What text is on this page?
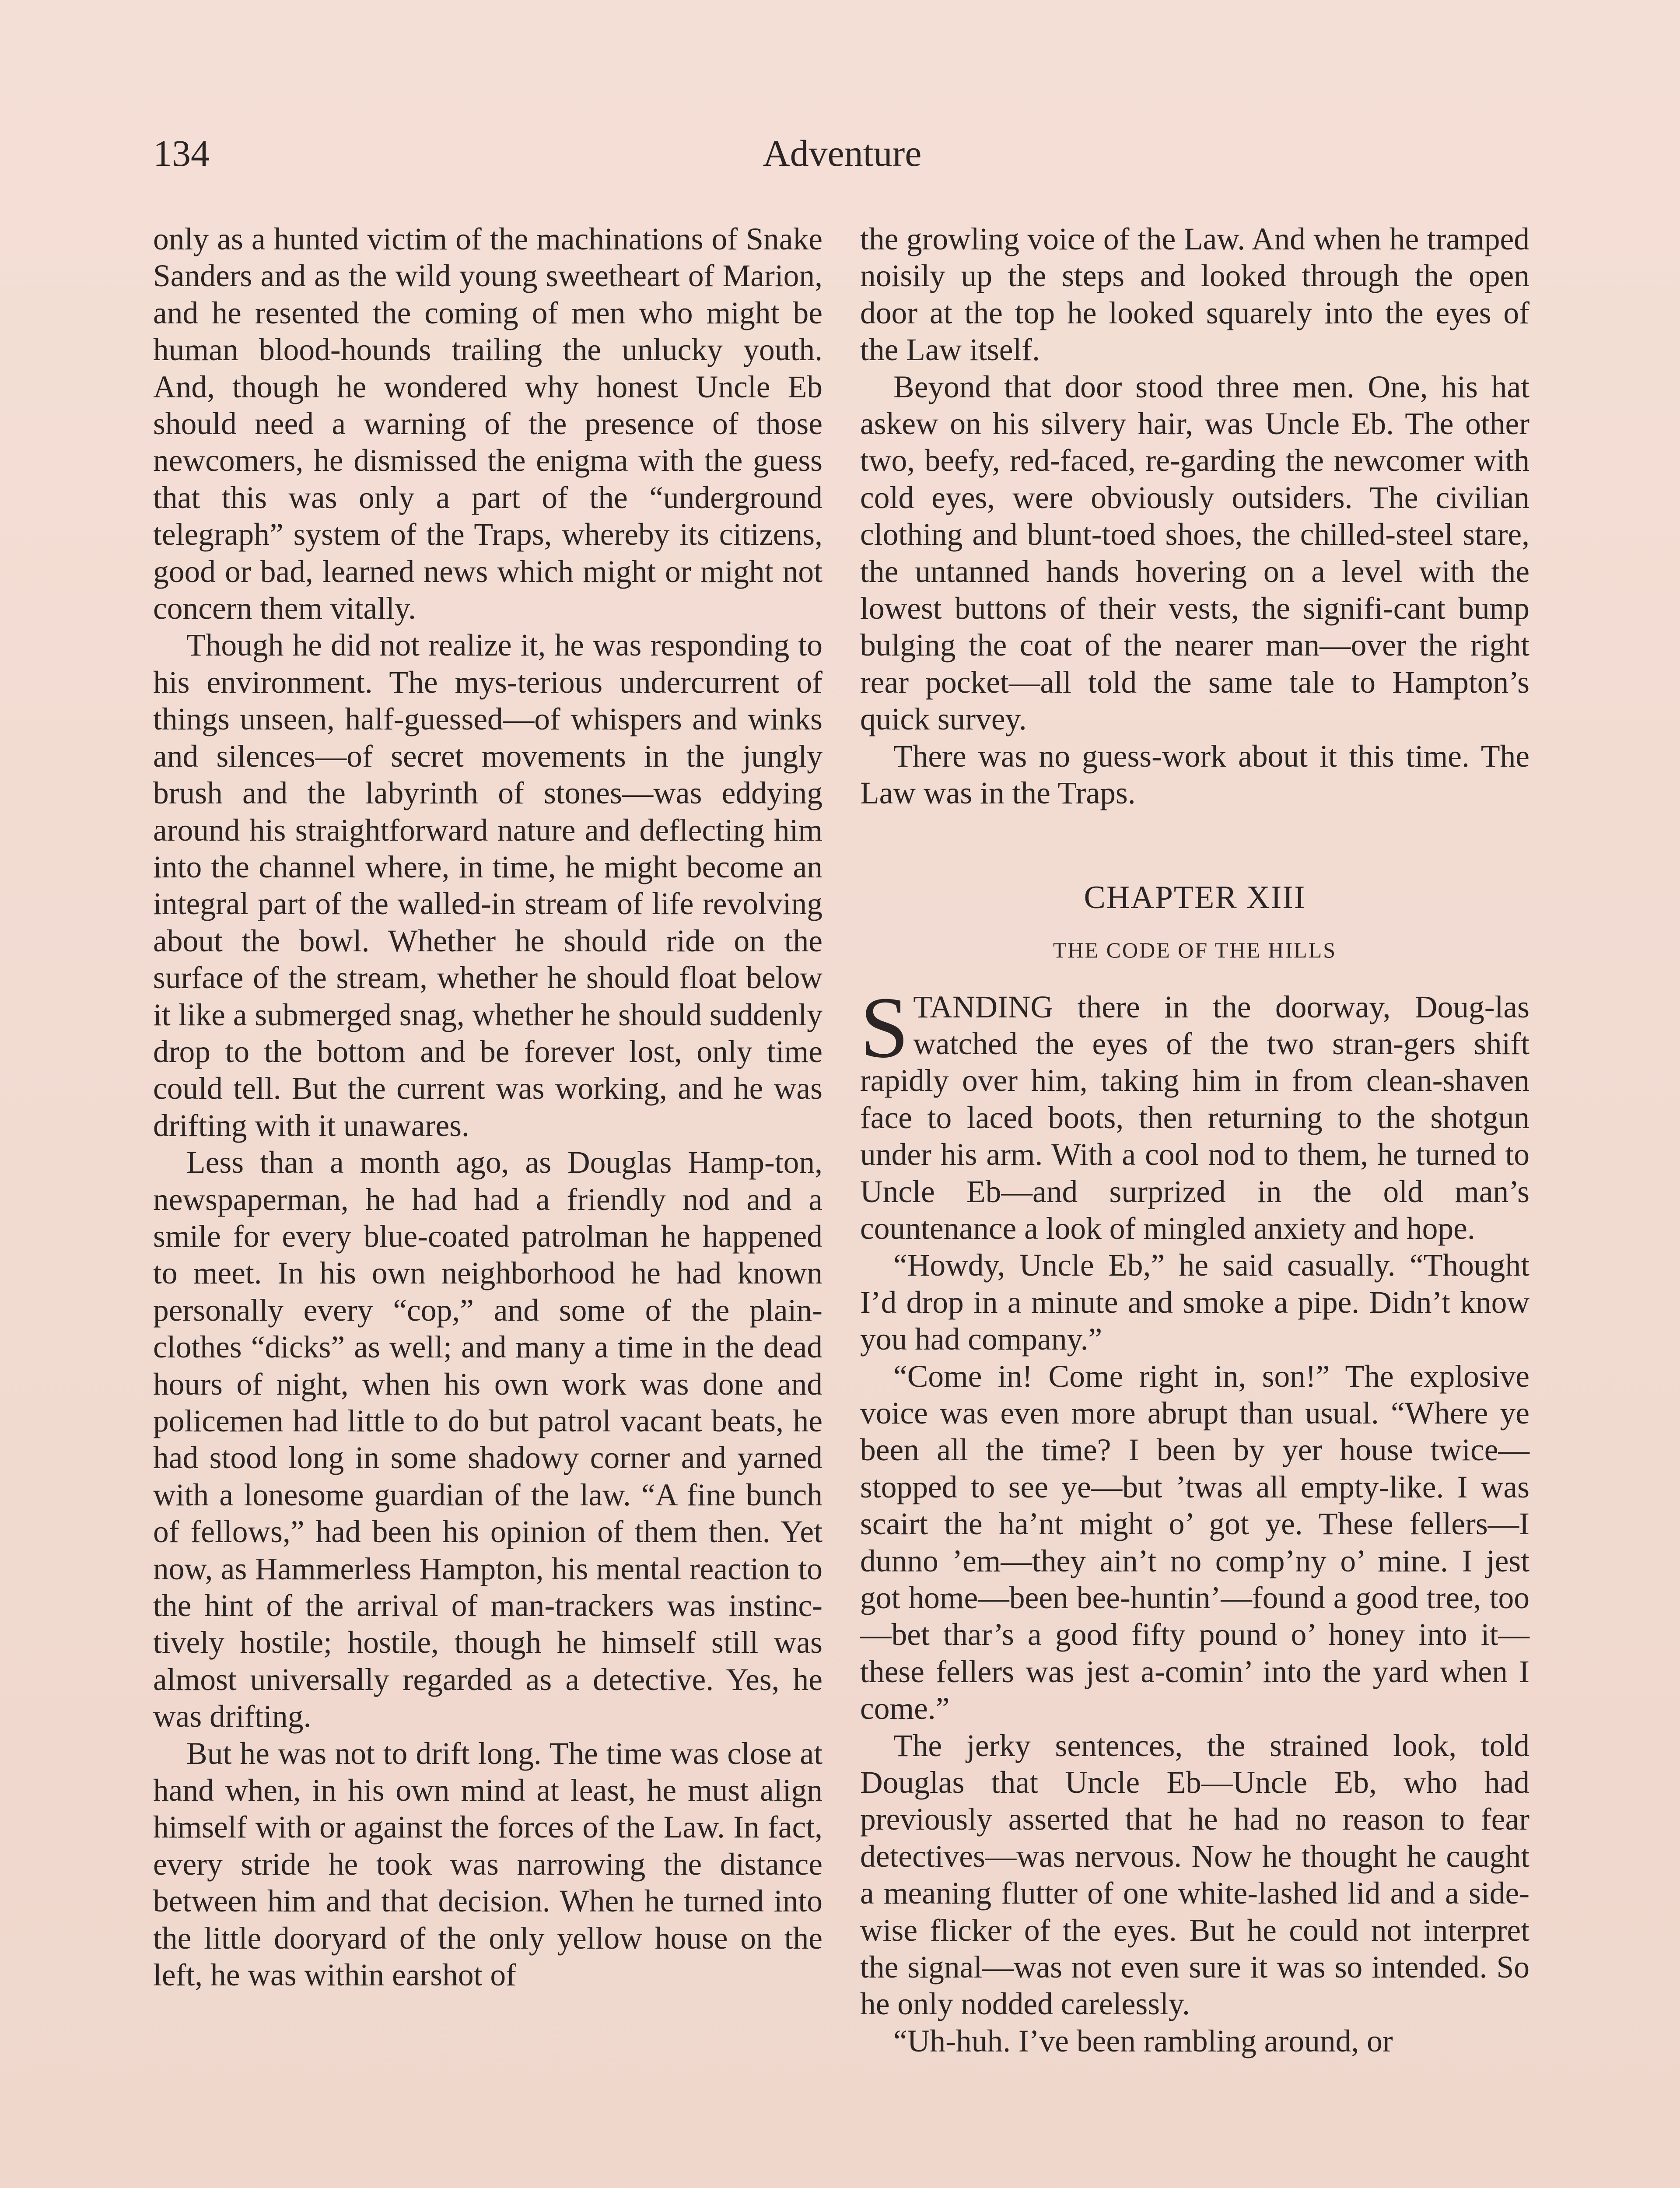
134	Adventure

only as a hunted victim of the machinations of Snake Sanders and as the wild young sweetheart of Marion, and he resented the coming of men who might be human blood-hounds trailing the unlucky youth. And, though he wondered why honest Uncle Eb should need a warning of the presence of those newcomers, he dismissed the enigma with the guess that this was only a part of the “underground telegraph” system of the Traps, whereby its citizens, good or bad, learned news which might or might not concern them vitally.

Though he did not realize it, he was responding to his environment. The mys-terious undercurrent of things unseen, half-guessed—of whispers and winks and silences—of secret movements in the jungly brush and the labyrinth of stones—was eddying around his straightforward nature and deflecting him into the channel where, in time, he might become an integral part of the walled-in stream of life revolving about the bowl. Whether he should ride on the surface of the stream, whether he should float below it like a submerged snag, whether he should suddenly drop to the bottom and be forever lost, only time could tell. But the current was working, and he was drifting with it unawares.

Less than a month ago, as Douglas Hamp-ton, newspaperman, he had had a friendly nod and a smile for every blue-coated patrolman he happened to meet. In his own neighborhood he had known personally every “cop,” and some of the plain-clothes “dicks” as well; and many a time in the dead hours of night, when his own work was done and policemen had little to do but patrol vacant beats, he had stood long in some shadowy corner and yarned with a lonesome guardian of the law. “A fine bunch of fellows,” had been his opinion of them then. Yet now, as Hammerless Hampton, his mental reaction to the hint of the arrival of man-trackers was instinc-tively hostile; hostile, though he himself still was almost universally regarded as a detective. Yes, he was drifting.

But he was not to drift long. The time was close at hand when, in his own mind at least, he must align himself with or against the forces of the Law. In fact, every stride he took was narrowing the distance between him and that decision. When he turned into the little dooryard of the only yellow house on the left, he was within earshot of

the growling voice of the Law. And when he tramped noisily up the steps and looked through the open door at the top he looked squarely into the eyes of the Law itself.

Beyond that door stood three men. One, his hat askew on his silvery hair, was Uncle Eb. The other two, beefy, red-faced, re-garding the newcomer with cold eyes, were obviously outsiders. The civilian clothing and blunt-toed shoes, the chilled-steel stare, the untanned hands hovering on a level with the lowest buttons of their vests, the signifi-cant bump bulging the coat of the nearer man—over the right rear pocket—all told the same tale to Hampton’s quick survey.

There was no guess-work about it this time. The Law was in the Traps.

CHAPTER XIII
THE CODE OF THE HILLS

STANDING there in the doorway, Doug-las watched the eyes of the two stran-gers shift rapidly over him, taking him in from clean-shaven face to laced boots, then returning to the shotgun under his arm. With a cool nod to them, he turned to Uncle Eb—and surprized in the old man’s countenance a look of mingled anxiety and hope.

“Howdy, Uncle Eb,” he said casually. “Thought I’d drop in a minute and smoke a pipe. Didn’t know you had company.”

“Come in! Come right in, son!” The explosive voice was even more abrupt than usual. “Where ye been all the time? I been by yer house twice—stopped to see ye—but ’twas all empty-like. I was scairt the ha’nt might o’ got ye. These fellers—I dunno ’em—they ain’t no comp’ny o’ mine. I jest got home—been bee-huntin’—found a good tree, too—bet thar’s a good fifty pound o’ honey into it—these fellers was jest a-comin’ into the yard when I come.”

The jerky sentences, the strained look, told Douglas that Uncle Eb—Uncle Eb, who had previously asserted that he had no reason to fear detectives—was nervous. Now he thought he caught a meaning flutter of one white-lashed lid and a side-wise flicker of the eyes. But he could not interpret the signal—was not even sure it was so intended. So he only nodded carelessly.

“Uh-huh. I’ve been rambling around, or
